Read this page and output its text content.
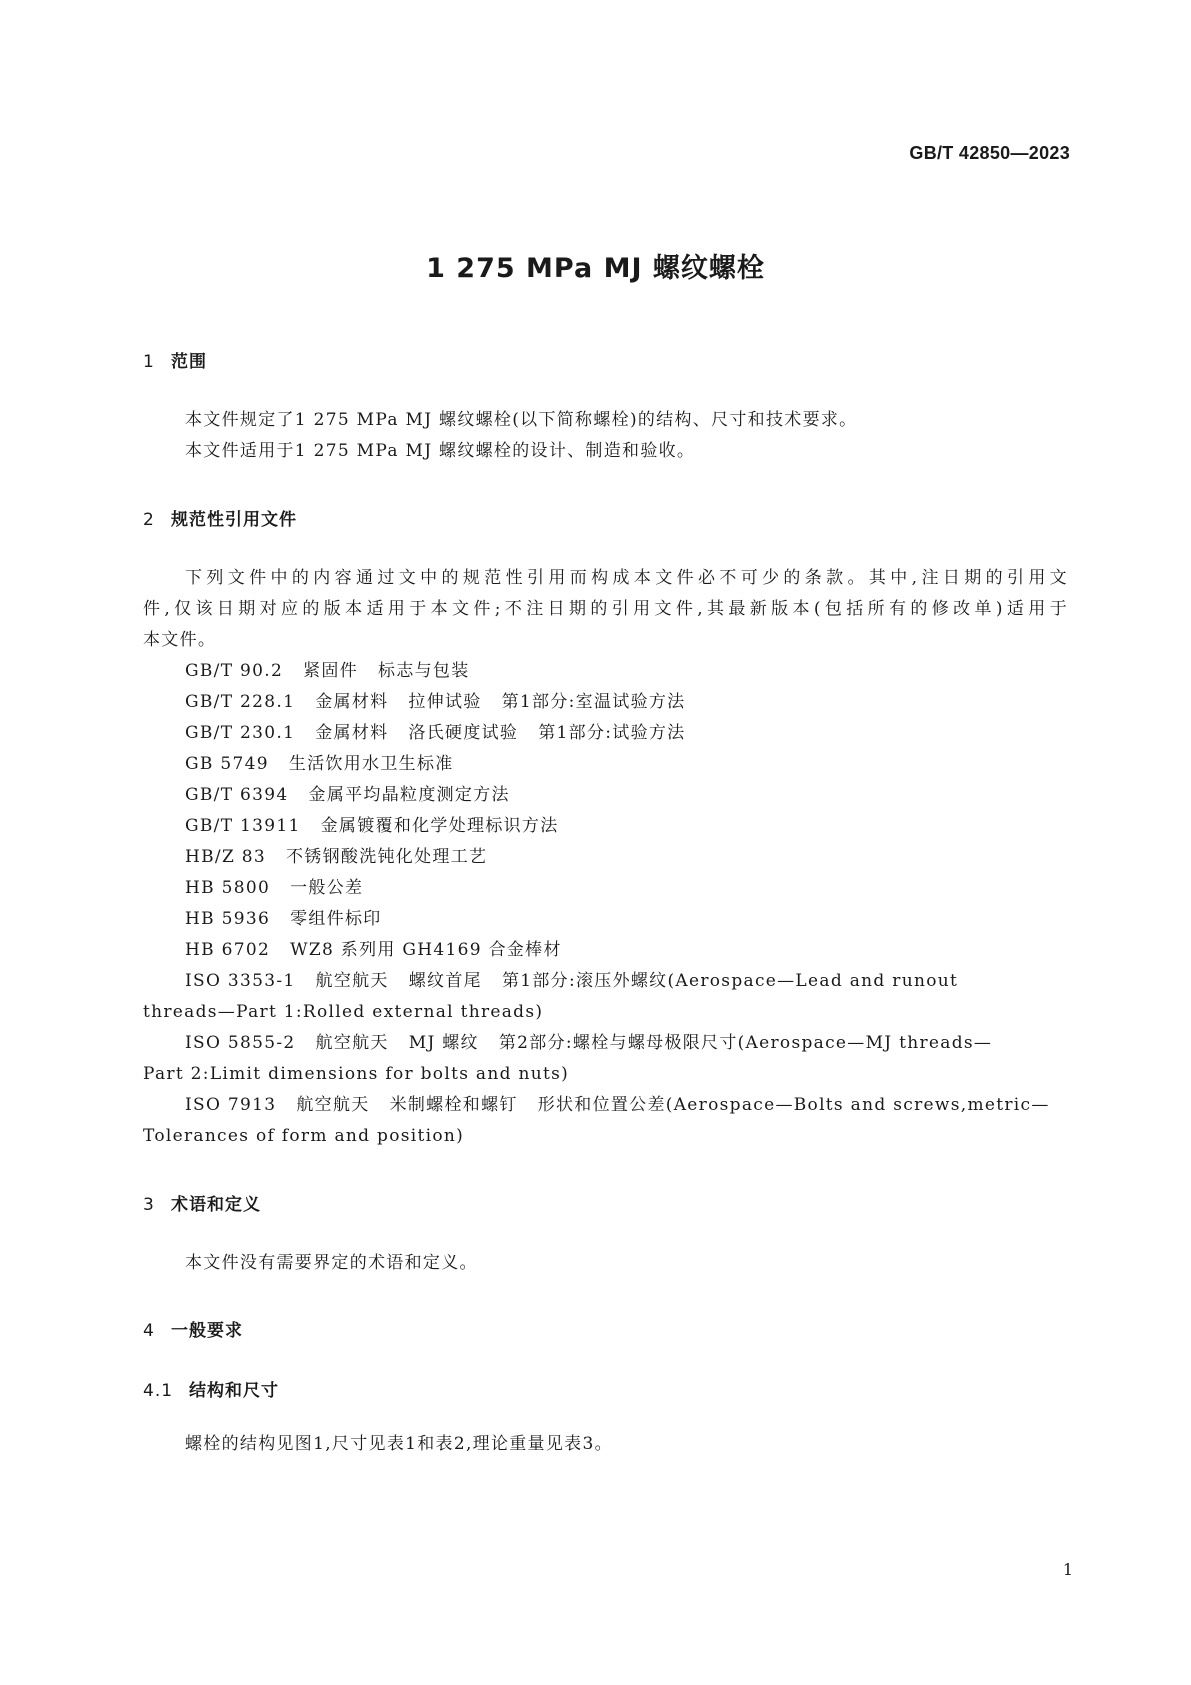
GB/T 42850—2023
1 275 MPa MJ 螺纹螺栓
1 范围
本文件规定了1 275 MPa MJ 螺纹螺栓(以下简称螺栓)的结构、尺寸和技术要求。
本文件适用于1 275 MPa MJ 螺纹螺栓的设计、制造和验收。
2 规范性引用文件
下列文件中的内容通过文中的规范性引用而构成本文件必不可少的条款。其中,注日期的引用文
件,仅该日期对应的版本适用于本文件;不注日期的引用文件,其最新版本(包括所有的修改单)适用于
本文件。
GB/T 90.2 紧固件 标志与包装
GB/T 228.1 金属材料 拉伸试验 第1部分:室温试验方法
GB/T 230.1 金属材料 洛氏硬度试验 第1部分:试验方法
GB 5749 生活饮用水卫生标准
GB/T 6394 金属平均晶粒度测定方法
GB/T 13911 金属镀覆和化学处理标识方法
HB/Z 83 不锈钢酸洗钝化处理工艺
HB 5800 一般公差
HB 5936 零组件标印
HB 6702 WZ8 系列用 GH4169 合金棒材
ISO 3353-1 航空航天 螺纹首尾 第1部分:滚压外螺纹(Aerospace—Lead and runout
threads—Part 1:Rolled external threads)
ISO 5855-2 航空航天 MJ 螺纹 第2部分:螺栓与螺母极限尺寸(Aerospace—MJ threads—
Part 2:Limit dimensions for bolts and nuts)
ISO 7913 航空航天 米制螺栓和螺钉 形状和位置公差(Aerospace—Bolts and screws,metric—
Tolerances of form and position)
3 术语和定义
本文件没有需要界定的术语和定义。
4 一般要求
4.1 结构和尺寸
螺栓的结构见图1,尺寸见表1和表2,理论重量见表3。
1
